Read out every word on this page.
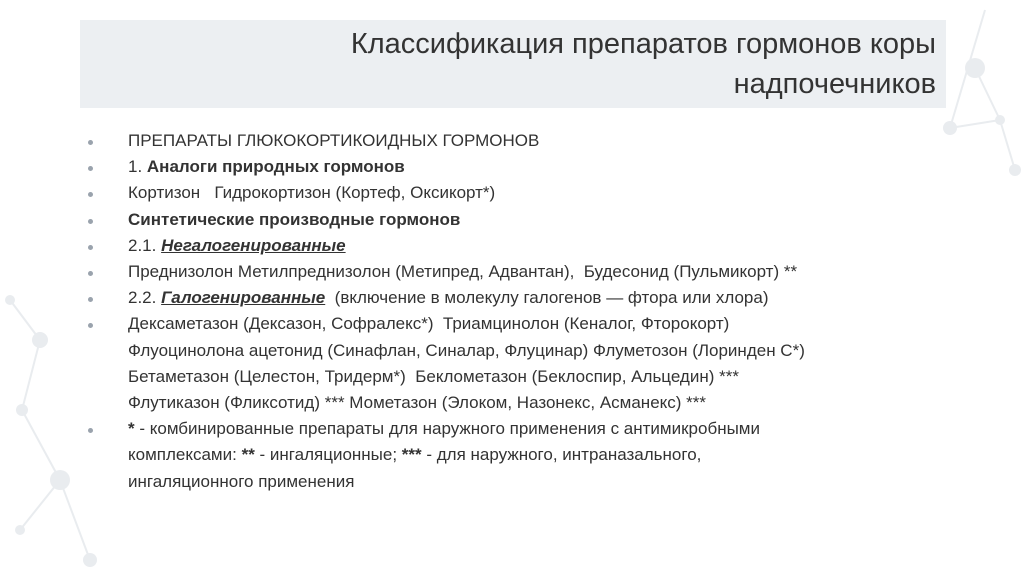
Классификация препаратов гормонов коры
надпочечников
ПРЕПАРАТЫ ГЛЮКОКОРТИКОИДНЫХ ГОРМОНОВ
1. Аналоги природных гормонов
Кортизон   Гидрокортизон (Кортеф, Оксикорт*)
Синтетические производные гормонов
2.1. Негалогенированные
Преднизолон Метилпреднизолон (Метипред, Адвантан),  Будесонид (Пульмикорт) **
2.2. Галогенированные  (включение в молекулу галогенов — фтора или хлора)
Дексаметазон (Дексазон, Софралекс*)  Триамцинолон (Кеналог, Фторокорт)
Флуоцинолона ацетонид (Синафлан, Синалар, Флуцинар) Флуметозон (Лоринден С*)
Бетаметазон (Целестон, Тридерм*)  Беклометазон (Беклоспир, Альцедин) ***
Флутиказон (Фликсотид) *** Мометазон (Элоком, Назонекс, Асманекс) ***
* - комбинированные препараты для наружного применения с антимикробными
комплексами: ** - ингаляционные; *** - для наружного, интраназального,
ингаляционного применения
